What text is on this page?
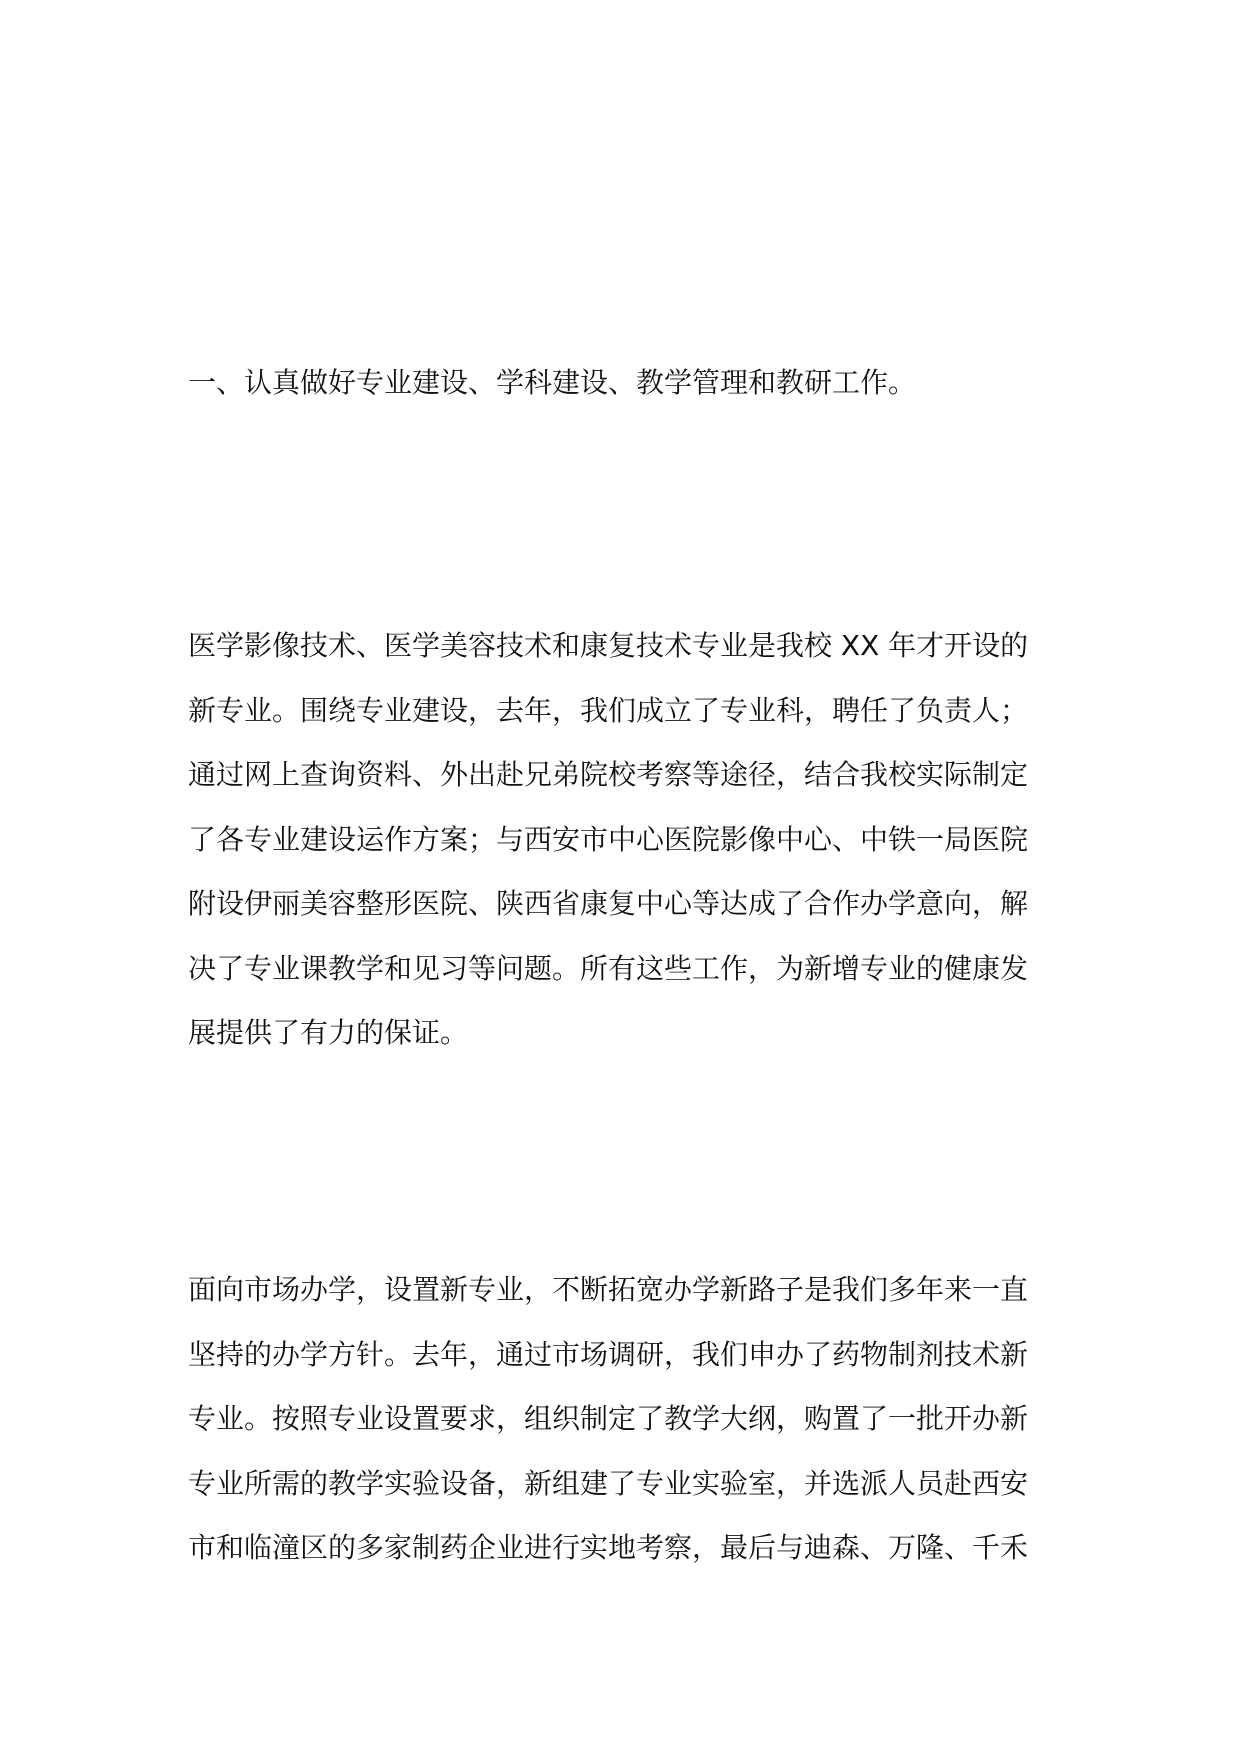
一、认真做好专业建设、学科建设、教学管理和教研工作。
医学影像技术、医学美容技术和康复技术专业是我校 XX 年才开设的
新专业。围绕专业建设，去年，我们成立了专业科，聘任了负责人；
通过网上查询资料、外出赴兄弟院校考察等途径，结合我校实际制定
了各专业建设运作方案；与西安市中心医院影像中心、中铁一局医院
附设伊丽美容整形医院、陕西省康复中心等达成了合作办学意向，解
决了专业课教学和见习等问题。所有这些工作，为新增专业的健康发
展提供了有力的保证。
面向市场办学，设置新专业，不断拓宽办学新路子是我们多年来一直
坚持的办学方针。去年，通过市场调研，我们申办了药物制剂技术新
专业。按照专业设置要求，组织制定了教学大纲，购置了一批开办新
专业所需的教学实验设备，新组建了专业实验室，并选派人员赴西安
市和临潼区的多家制药企业进行实地考察，最后与迪森、万隆、千禾
